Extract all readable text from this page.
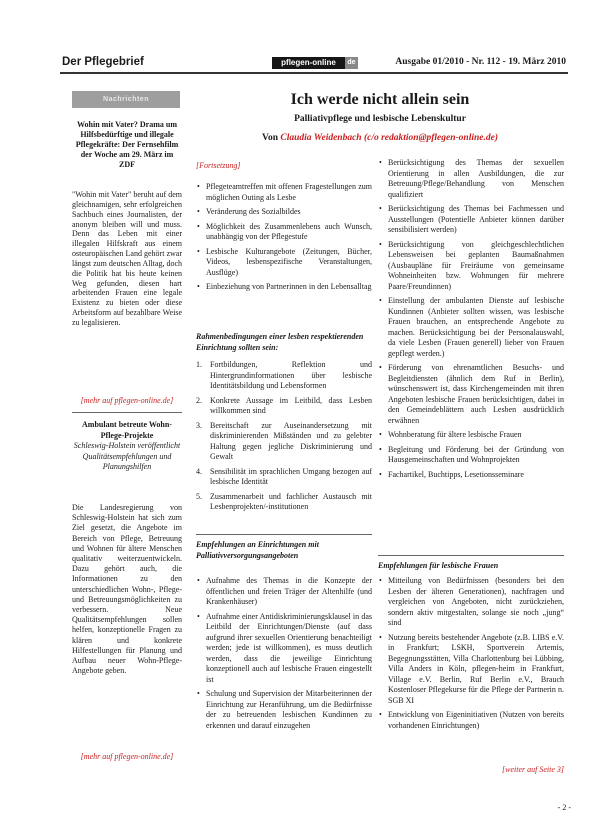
Der Pflegebrief	pflegen-online	de	Ausgabe 01/2010 - Nr. 112 - 19. März 2010
Nachrichten
Wohin mit Vater? Drama um Hilfsbedürftige und illegale Pflegekräfte: Der Fernsehfilm der Woche am 29. März im ZDF
"Wohin mit Vater" beruht auf dem gleichnamigen, sehr erfolgreichen Sachbuch eines Journalisten, der anonym bleiben will und muss. Denn das Leben mit einer illegalen Hilfskraft aus einem osteuropäischen Land gehört zwar längst zum deutschen Alltag, doch die Politik hat bis heute keinen Weg gefunden, diesen hart arbeitenden Frauen eine legale Existenz zu bieten oder diese Arbeitsform auf bezahlbare Weise zu legalisieren.
[mehr auf pflegen-online.de]
Ambulant betreute Wohn-Pflege-Projekte
Schleswig-Holstein veröffentlicht Qualitätsempfehlungen und Planungshilfen
Die Landesregierung von Schleswig-Holstein hat sich zum Ziel gesetzt, die Angebote im Bereich von Pflege, Betreuung und Wohnen für ältere Menschen qualitativ weiterzuentwickeln. Dazu gehört auch, die Informationen zu den unterschiedlichen Wohn-, Pflege- und Betreuungsmöglichkeiten zu verbessern. Neue Qualitätsempfehlungen sollen helfen, konzeptionelle Fragen zu klären und konkrete Hilfestellungen für Planung und Aufbau neuer Wohn-Pflege-Angebote geben.
[mehr auf pflegen-online.de]
Ich werde nicht allein sein
Palliativpflege und lesbische Lebenskultur
Von Claudia Weidenbach (c/o redaktion@pflegen-online.de)
[Fortsetzung]
• Pflegeteamtreffen mit offenen Fragestellungen zum möglichen Outing als Lesbe
• Veränderung des Sozialbildes
• Möglichkeit des Zusammenlebens auch Wunsch, unabhängig von der Pflegestufe
• Lesbische Kulturangebote (Zeitungen, Bücher, Videos, lesbenspezifische Veranstaltungen, Ausflüge)
• Einbeziehung von Partnerinnen in den Lebensalltag
Rahmenbedingungen einer lesben respektierenden Einrichtung sollten sein:
Fortbildungen, Reflektion und Hintergrundinformationen über lesbische Identitätsbildung und Lebensformen
Konkrete Aussage im Leitbild, dass Lesben willkommen sind
Bereitschaft zur Auseinandersetzung mit diskriminierenden Mißständen und zu gelebter Haltung gegen jegliche Diskriminierung und Gewalt
Sensibilität im sprachlichen Umgang bezogen auf lesbische Identität
Zusammenarbeit und fachlicher Austausch mit Lesbenprojekten/-institutionen
Empfehlungen an Einrichtungen mit Palliativversorgungsangeboten
• Aufnahme des Themas in die Konzepte der öffentlichen und freien Träger der Altenhilfe (und Krankenhäuser)
• Aufnahme einer Antidiskriminierungsklausel in das Leitbild der Einrichtungen/Dienste (auf dass aufgrund ihrer sexuellen Orientierung benachteiligt werden; jede ist willkommen), es muss deutlich werden, dass die jeweilige Einrichtung konzeptionell auch auf lesbische Frauen eingestellt ist
• Schulung und Supervision der Mitarbeiterinnen der Einrichtung zur Heranführung, um die Bedürfnisse der zu betreuenden lesbischen Kundinnen zu erkennen und darauf einzugehen
• Berücksichtigung des Themas der sexuellen Orientierung in allen Ausbildungen, die zur Betreuung/Pflege/Behandlung von Menschen qualifiziert
• Berücksichtigung des Themas bei Fachmessen und Ausstellungen (Potentielle Anbieter können darüber sensibilisiert werden)
• Berücksichtigung von gleichgeschlechtlichen Lebensweisen bei geplanten Baumaßnahmen (Ausbaupläne für Freiräume von gemeinsame Wohneinheiten bzw. Wohnungen für mehrere Paare/Freundinnen)
• Einstellung der ambulanten Dienste auf lesbische Kundinnen (Anbieter sollten wissen, was lesbische Frauen brauchen, an entsprechende Angebote zu machen. Berücksichtigung bei der Personalauswahl, da viele Lesben (Frauen generell) lieber von Frauen gepflegt werden.)
• Förderung von ehrenamtlichen Besuchs- und Begleitdiensten (ähnlich dem Ruf in Berlin), wünschenswert ist, dass Kirchengemeinden mit ihren Angeboten lesbische Frauen berücksichtigen, dabei in den Gemeindeblättern auch Lesben ausdrücklich erwähnen
• Wohnberatung für ältere lesbische Frauen
• Begleitung und Förderung bei der Gründung von Hausgemeinschaften und Wohnprojekten
• Fachartikel, Buchtipps, Lesetionsseminare
Empfehlungen für lesbische Frauen
• Mitteilung von Bedürfnissen (besonders bei den Lesben der älteren Generationen), nachfragen und vergleichen von Angeboten, nicht zurückziehen, sondern aktiv mitgestalten, solange sie noch „jung“ sind
• Nutzung bereits bestehender Angebote (z.B. LIBS e.V. in Frankfurt; LSKH, Sportverein Artemis, Begegnungsstätten, Villa Charlottenburg bei Lübbing, Villa Anders in Köln, pflegen-heim in Frankfurt, Village e.V. Berlin, Ruf Berlin e.V., Brauch Kostenloser Pflegekurse für die Pflege der Partnerin n. SGB XI
• Entwicklung von Eigeninitiativen (Nutzen von bereits vorhandenen Einrichtungen)
[weiter auf Seite 3]
- 2 -
